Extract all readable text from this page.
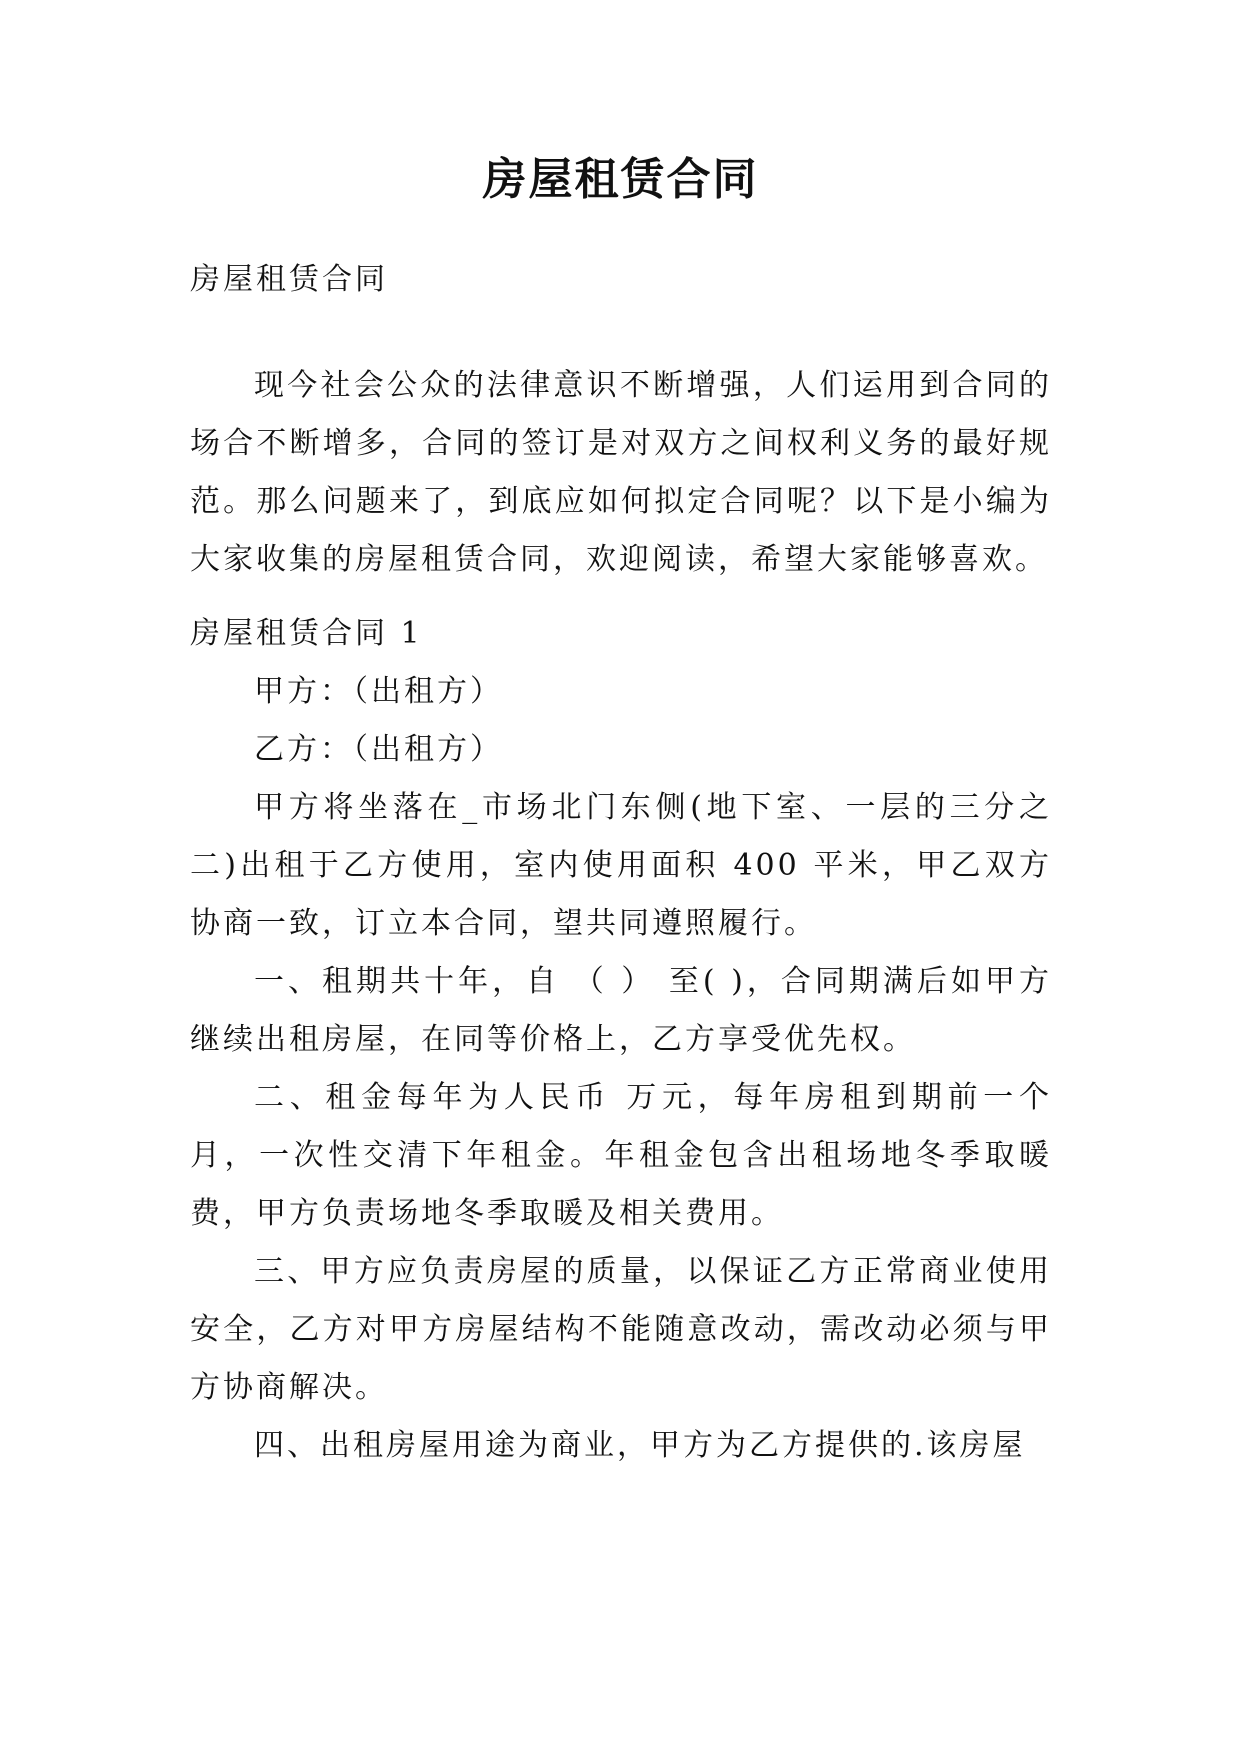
房屋租赁合同

房屋租赁合同

现今社会公众的法律意识不断增强，人们运用到合同的场合不断增多，合同的签订是对双方之间权利义务的最好规范。那么问题来了，到底应如何拟定合同呢？以下是小编为大家收集的房屋租赁合同，欢迎阅读，希望大家能够喜欢。

房屋租赁合同 1

甲方：（出租方）

乙方：（出租方）

甲方将坐落在_市场北门东侧(地下室、一层的三分之二)出租于乙方使用，室内使用面积 400 平米，甲乙双方协商一致，订立本合同，望共同遵照履行。

一、租期共十年，自 （ ） 至( )，合同期满后如甲方继续出租房屋，在同等价格上，乙方享受优先权。

二、租金每年为人民币 万元，每年房租到期前一个月，一次性交清下年租金。年租金包含出租场地冬季取暖费，甲方负责场地冬季取暖及相关费用。

三、甲方应负责房屋的质量，以保证乙方正常商业使用安全，乙方对甲方房屋结构不能随意改动，需改动必须与甲方协商解决。

四、出租房屋用途为商业，甲方为乙方提供的.该房屋
